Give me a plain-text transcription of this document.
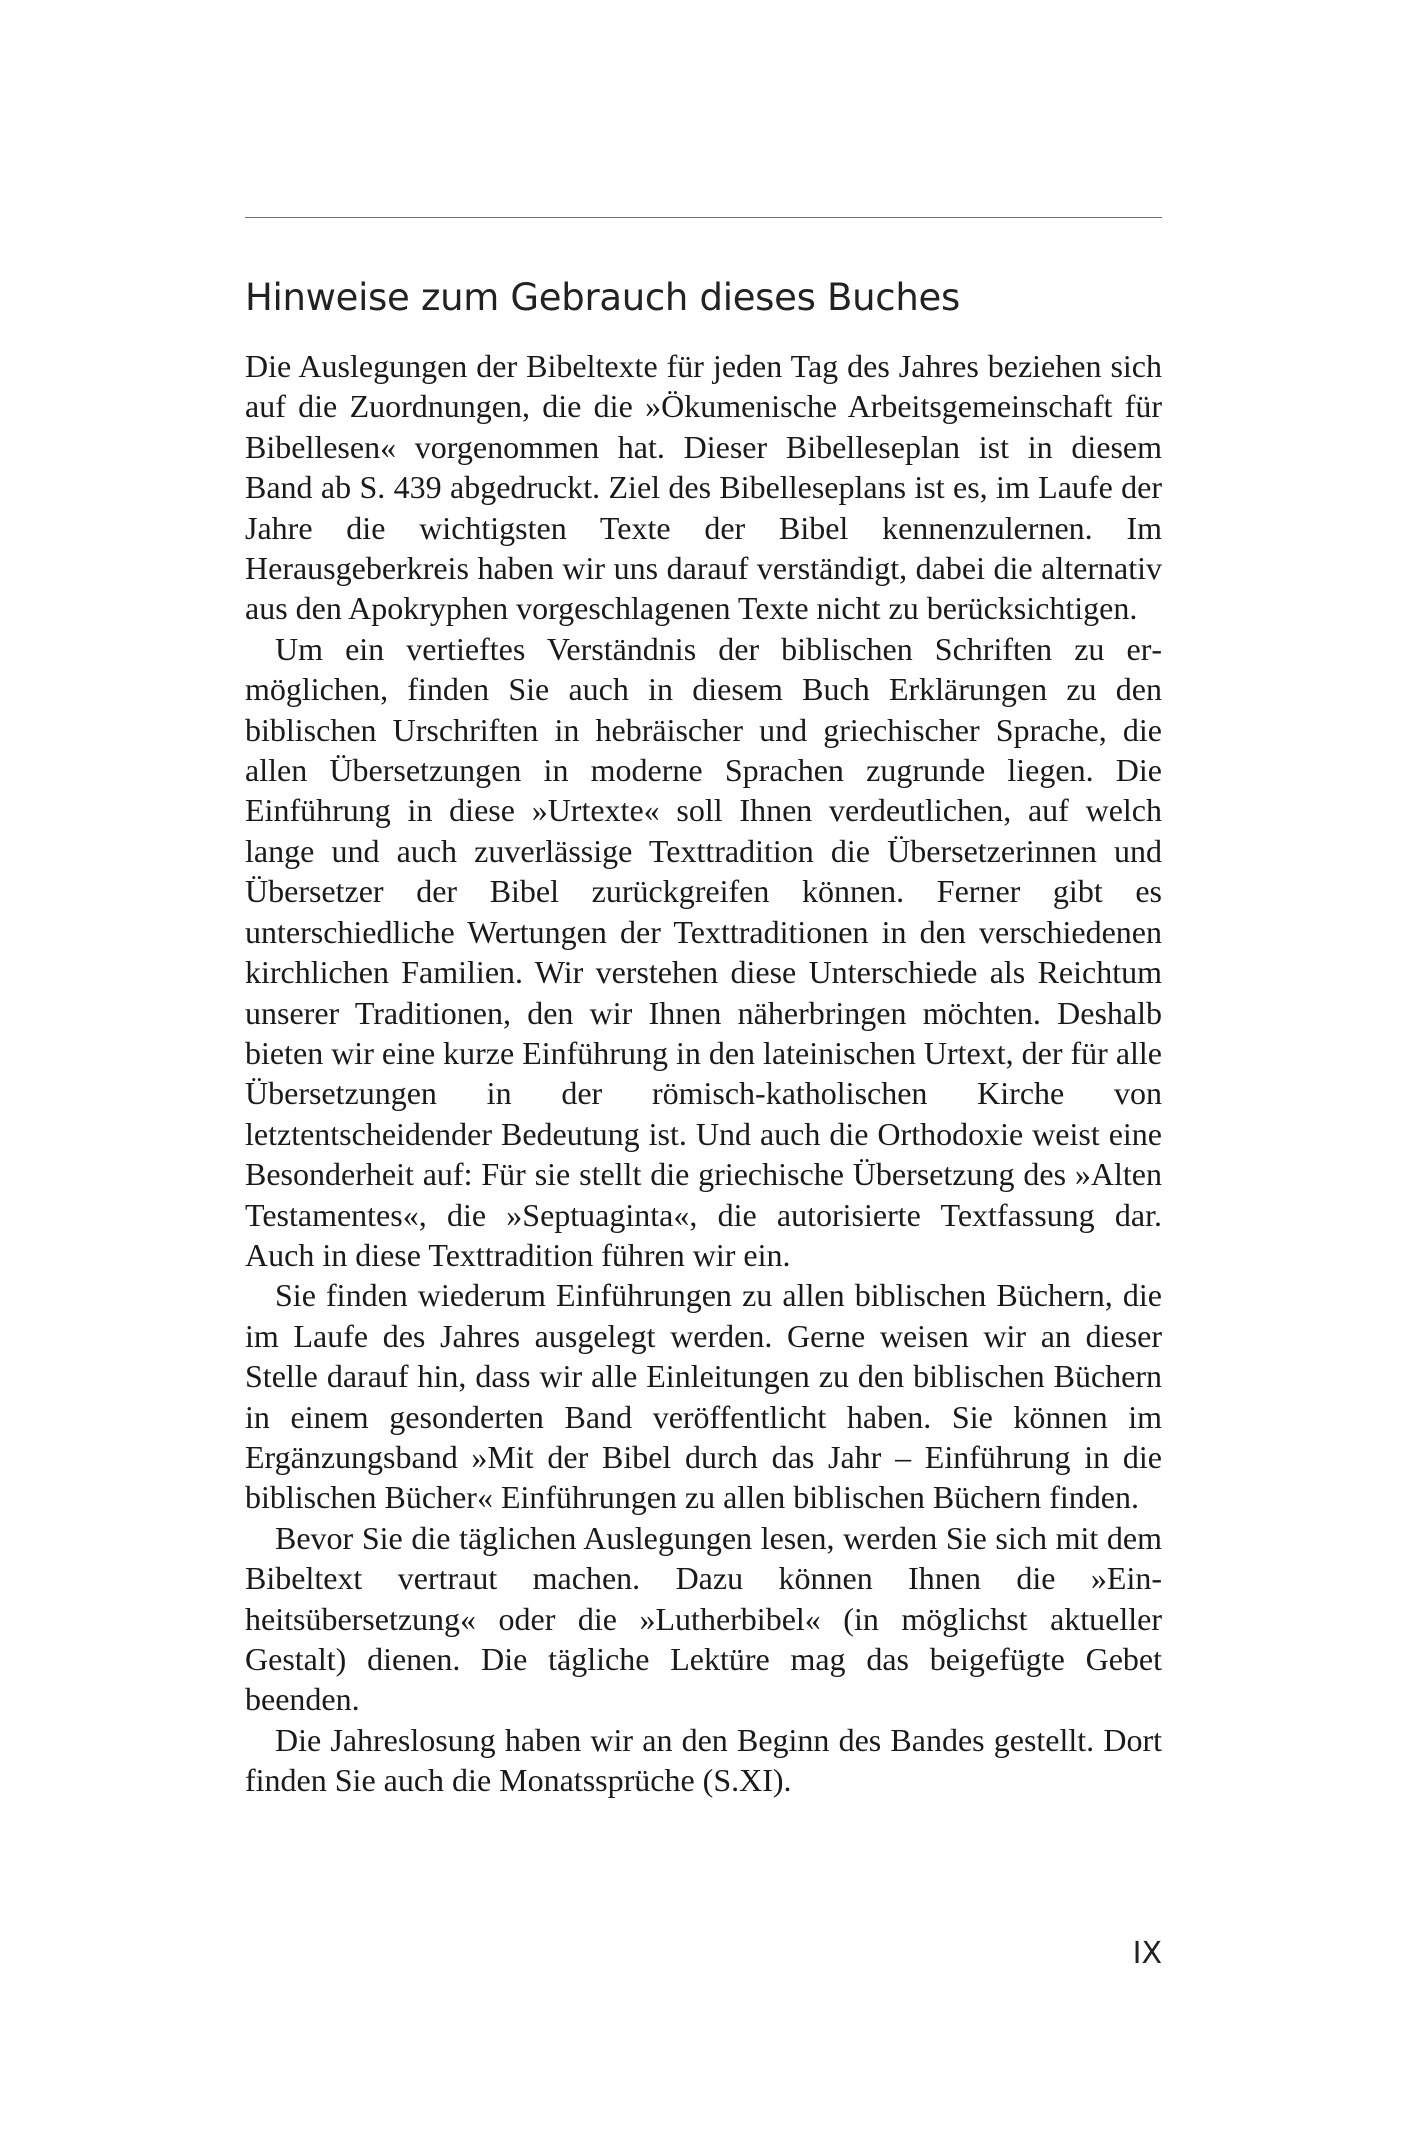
Hinweise zum Gebrauch dieses Buches

Die Auslegungen der Bibeltexte für jeden Tag des Jahres beziehen sich auf die Zuordnungen, die die »Ökumenische Arbeitsgemeinschaft für Bibellesen« vorgenommen hat. Dieser Bibelleseplan ist in diesem Band ab S. 439 abgedruckt. Ziel des Bibelleseplans ist es, im Laufe der Jahre die wichtigsten Texte der Bibel kennenzulernen. Im Herausgeberkreis haben wir uns darauf verständigt, dabei die alternativ aus den Apokryphen vorgeschlagenen Texte nicht zu berücksichtigen.

Um ein vertieftes Verständnis der biblischen Schriften zu ermöglichen, finden Sie auch in diesem Buch Erklärungen zu den biblischen Urschriften in hebräischer und griechischer Sprache, die allen Übersetzungen in moderne Sprachen zugrunde liegen. Die Einführung in diese »Urtexte« soll Ihnen verdeutlichen, auf welch lange und auch zuverlässige Texttradition die Übersetzerinnen und Übersetzer der Bibel zurückgreifen können. Ferner gibt es unterschiedliche Wertungen der Texttraditionen in den verschiedenen kirchlichen Familien. Wir verstehen diese Unterschiede als Reichtum unserer Traditionen, den wir Ihnen näherbringen möchten. Deshalb bieten wir eine kurze Einführung in den lateinischen Urtext, der für alle Übersetzungen in der römisch-katholischen Kirche von letztentscheidender Bedeutung ist. Und auch die Orthodoxie weist eine Besonderheit auf: Für sie stellt die griechische Übersetzung des »Alten Testamentes«, die »Septuaginta«, die autorisierte Textfassung dar. Auch in diese Texttradition führen wir ein.

Sie finden wiederum Einführungen zu allen biblischen Büchern, die im Laufe des Jahres ausgelegt werden. Gerne weisen wir an dieser Stelle darauf hin, dass wir alle Einleitungen zu den biblischen Büchern in einem gesonderten Band veröffentlicht haben. Sie können im Ergänzungsband »Mit der Bibel durch das Jahr – Einführung in die biblischen Bücher« Einführungen zu allen biblischen Büchern finden.

Bevor Sie die täglichen Auslegungen lesen, werden Sie sich mit dem Bibeltext vertraut machen. Dazu können Ihnen die »Einheitsübersetzung« oder die »Lutherbibel« (in möglichst aktueller Gestalt) dienen. Die tägliche Lektüre mag das beigefügte Gebet beenden.

Die Jahreslosung haben wir an den Beginn des Bandes gestellt. Dort finden Sie auch die Monatssprüche (S.XI).

IX
